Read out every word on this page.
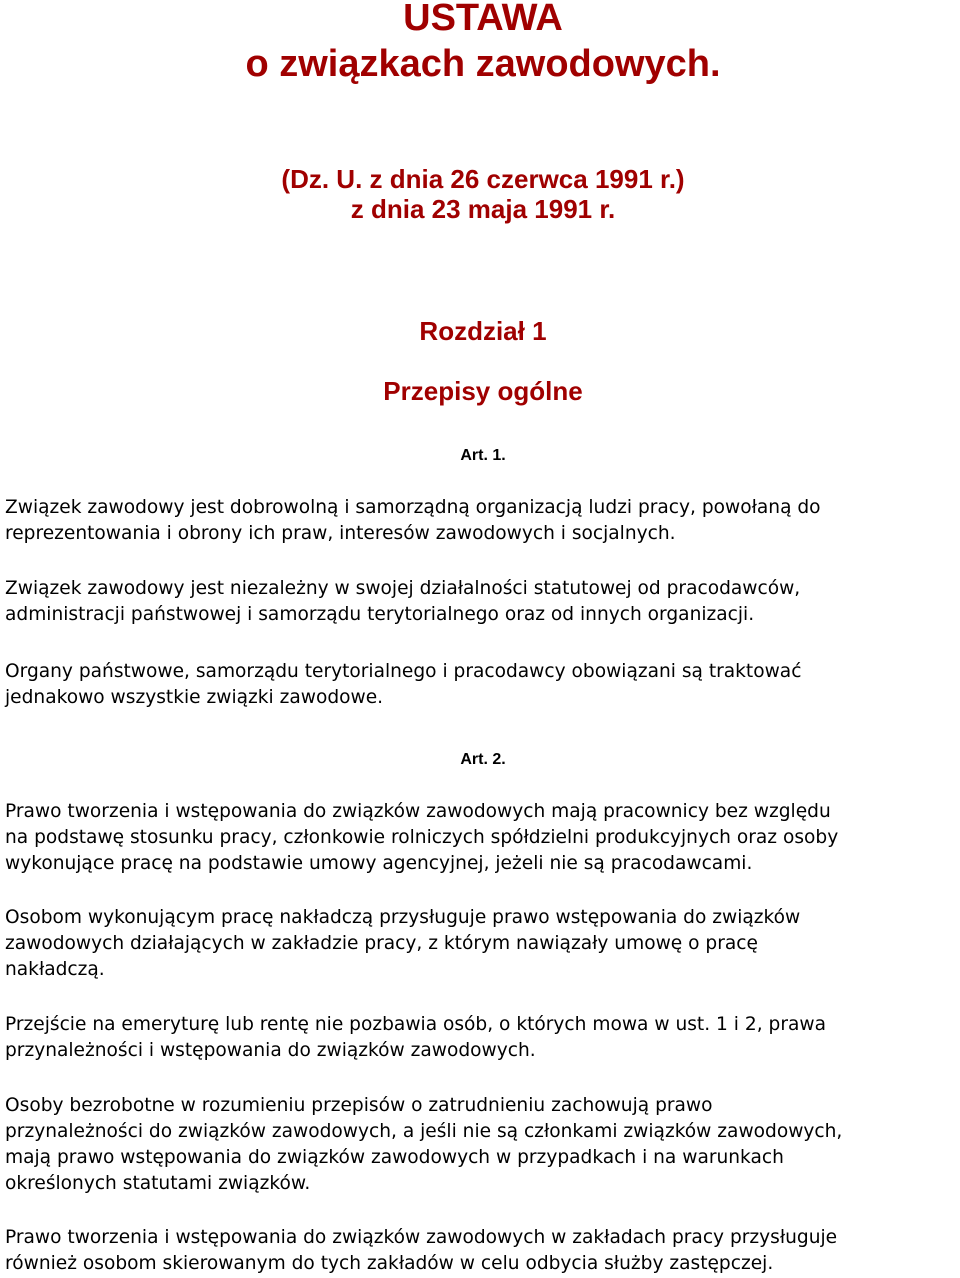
USTAWA
o związkach zawodowych.
(Dz. U. z dnia 26 czerwca 1991 r.)
z dnia 23 maja 1991 r.
Rozdział 1
Przepisy ogólne
Art. 1.

Związek zawodowy jest dobrowolną i samorządną organizacją ludzi pracy, powołaną do
reprezentowania i obrony ich praw, interesów zawodowych i socjalnych.

Związek zawodowy jest niezależny w swojej działalności statutowej od pracodawców,
administracji państwowej i samorządu terytorialnego oraz od innych organizacji.

Organy państwowe, samorządu terytorialnego i pracodawcy obowiązani są traktować
jednakowo wszystkie związki zawodowe.

Art. 2.

Prawo tworzenia i wstępowania do związków zawodowych mają pracownicy bez względu
na podstawę stosunku pracy, członkowie rolniczych spółdzielni produkcyjnych oraz osoby
wykonujące pracę na podstawie umowy agencyjnej, jeżeli nie są pracodawcami.

Osobom wykonującym pracę nakładczą przysługuje prawo wstępowania do związków
zawodowych działających w zakładzie pracy, z którym nawiązały umowę o pracę
nakładczą.

Przejście na emeryturę lub rentę nie pozbawia osób, o których mowa w ust. 1 i 2, prawa
przynależności i wstępowania do związków zawodowych.

Osoby bezrobotne w rozumieniu przepisów o zatrudnieniu zachowują prawo
przynależności do związków zawodowych, a jeśli nie są członkami związków zawodowych,
mają prawo wstępowania do związków zawodowych w przypadkach i na warunkach
określonych statutami związków.

Prawo tworzenia i wstępowania do związków zawodowych w zakładach pracy przysługuje
również osobom skierowanym do tych zakładów w celu odbycia służby zastępczej.
